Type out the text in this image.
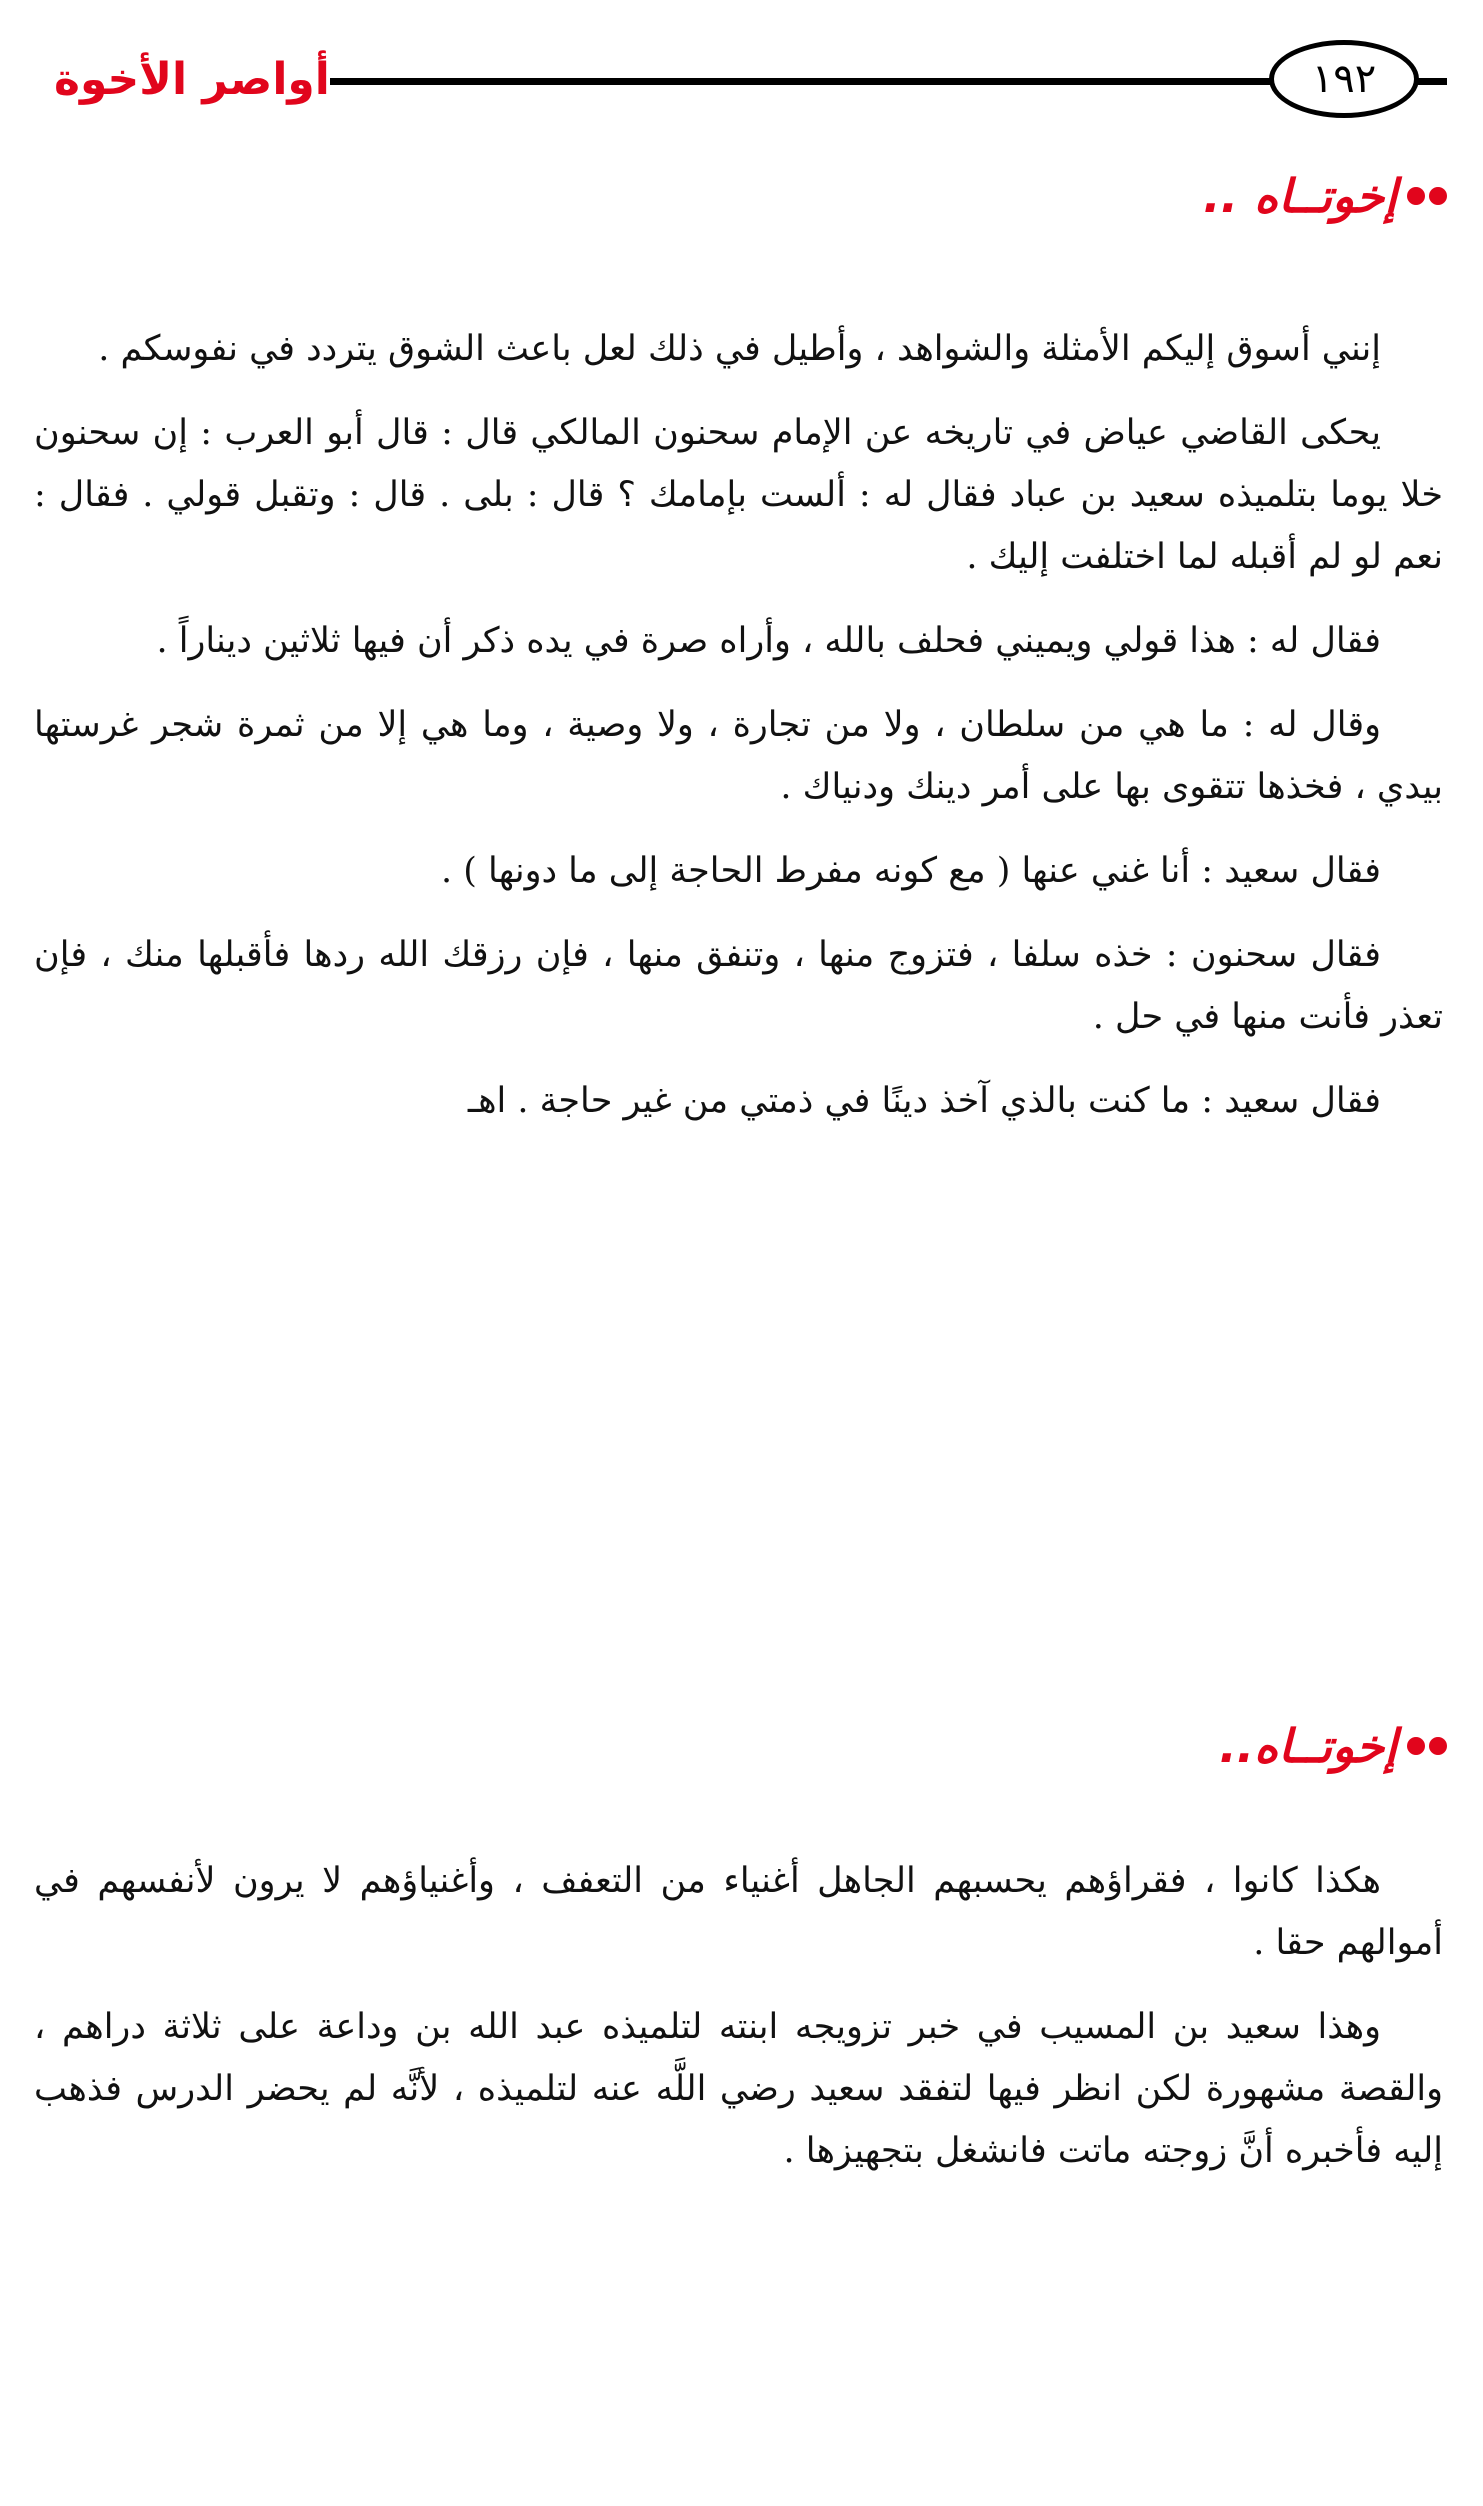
١٩٢
أواصر الأخوة
إخوتــاه ..

إنني أسوق إليكم الأمثلة والشواهد ، وأطيل في ذلك لعل باعث الشوق يتردد في نفوسكم .

يحكى القاضي عياض في تاريخه عن الإمام سحنون المالكي قال : قال أبو العرب : إن سحنون خلا يوما بتلميذه سعيد بن عباد فقال له : ألست بإمامك ؟ قال : بلى . قال : وتقبل قولي . فقال : نعم لو لم أقبله لما اختلفت إليك .

فقال له : هذا قولي ويميني فحلف بالله ، وأراه صرة في يده ذكر أن فيها ثلاثين ديناراً .

وقال له : ما هي من سلطان ، ولا من تجارة ، ولا وصية ، وما هي إلا من ثمرة شجر غرستها بيدي ، فخذها تتقوى بها على أمر دينك ودنياك .

فقال سعيد : أنا غني عنها ( مع كونه مفرط الحاجة إلى ما دونها ) .

فقال سحنون : خذه سلفا ، فتزوج منها ، وتنفق منها ، فإن رزقك الله ردها فأقبلها منك ، فإن تعذر فأنت منها في حل .

فقال سعيد : ما كنت بالذي آخذ دينًا في ذمتي من غير حاجة . اهـ

إخوتــاه..

هكذا كانوا ، فقراؤهم يحسبهم الجاهل أغنياء من التعفف ، وأغنياؤهم لا يرون لأنفسهم في أموالهم حقا .

وهذا سعيد بن المسيب في خبر تزويجه ابنته لتلميذه عبد الله بن وداعة على ثلاثة دراهم ، والقصة مشهورة لكن انظر فيها لتفقد سعيد رضي اللَّه عنه لتلميذه ، لأنَّه لم يحضر الدرس فذهب إليه فأخبره أنَّ زوجته ماتت فانشغل بتجهيزها .
